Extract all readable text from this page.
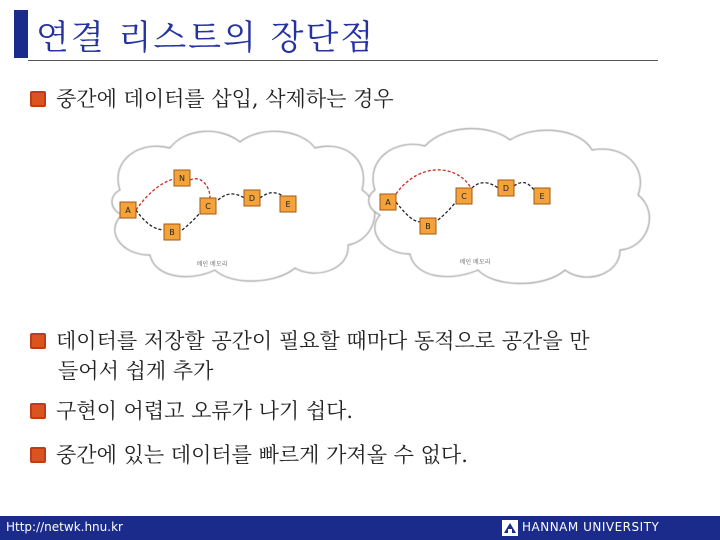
연결 리스트의 장단점
중간에 데이터를 삽입, 삭제하는 경우
N
A	C
B
D
E
메인 메모리
A
C
D
E
B
메인 메모리
데이터를 저장할 공간이 필요할 때마다 동적으로 공간을 만
들어서 쉽게 추가
구현이 어렵고 오류가 나기 쉽다.
중간에 있는 데이터를 빠르게 가져올 수 없다.
Http://netwk.hnu.kr	HANNAM UNIVERSITY
